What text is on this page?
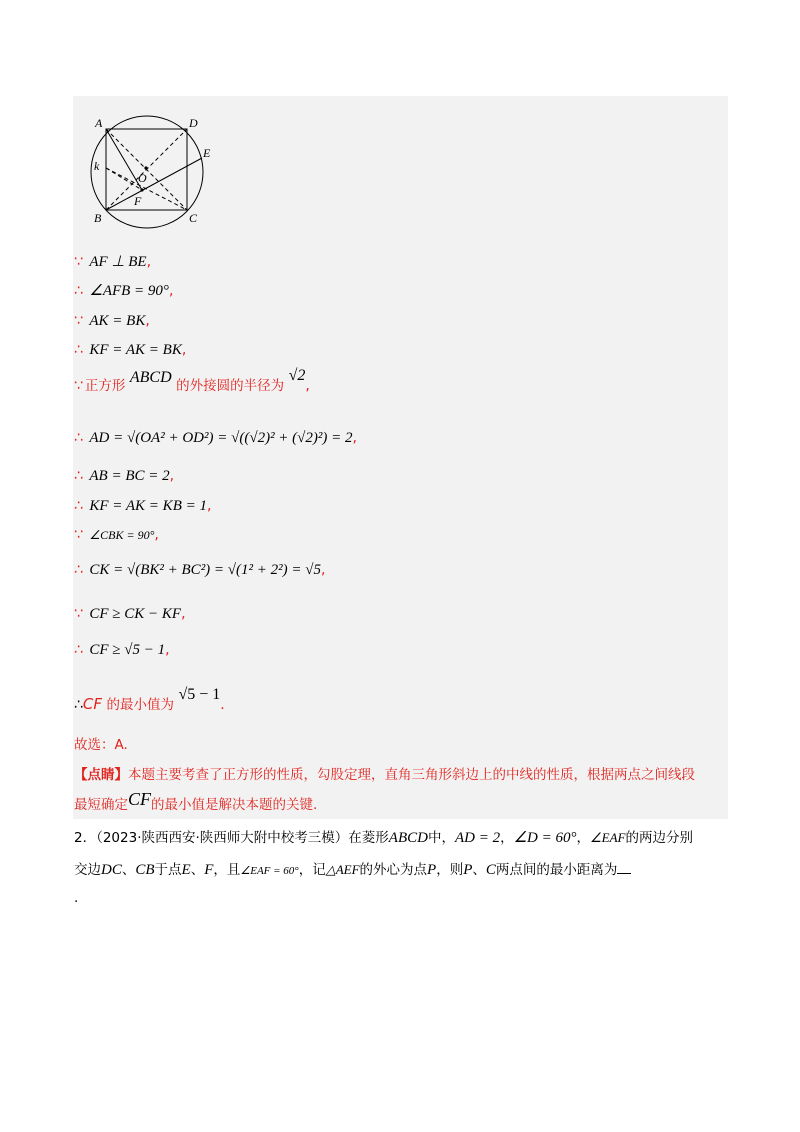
A	D
E
k
O
F
B	C
∵ AF ⊥ BE,
∴ ∠AFB = 90°,
∵ AK = BK,
∴ KF = AK = BK,
∵ 正方形 ABCD 的外接圆的半径为 √2,
∴ AD = √(OA² + OD²) = √((√2)² + (√2)²) = 2,
∴ AB = BC = 2,
∴ KF = AK = KB = 1,
∵ ∠CBK = 90°,
∴ CK = √(BK² + BC²) = √(1² + 2²) = √5,
∵ CF ≥ CK − KF,
∴ CF ≥ √5 − 1,
∴CF 的最小值为 √5 − 1.
故选：A.
【点睛】本题主要考查了正方形的性质，勾股定理，直角三角形斜边上的中线的性质，根据两点之间线段
最短确定CF的最小值是解决本题的关键.
2．（2023·陕西西安·陕西师大附中校考三模）在菱形ABCD中，AD = 2，∠D = 60°，∠EAF的两边分别
交边DC、CB于点E、F，且∠EAF = 60°，记△AEF的外心为点P，则P、C两点间的最小距离为
.
